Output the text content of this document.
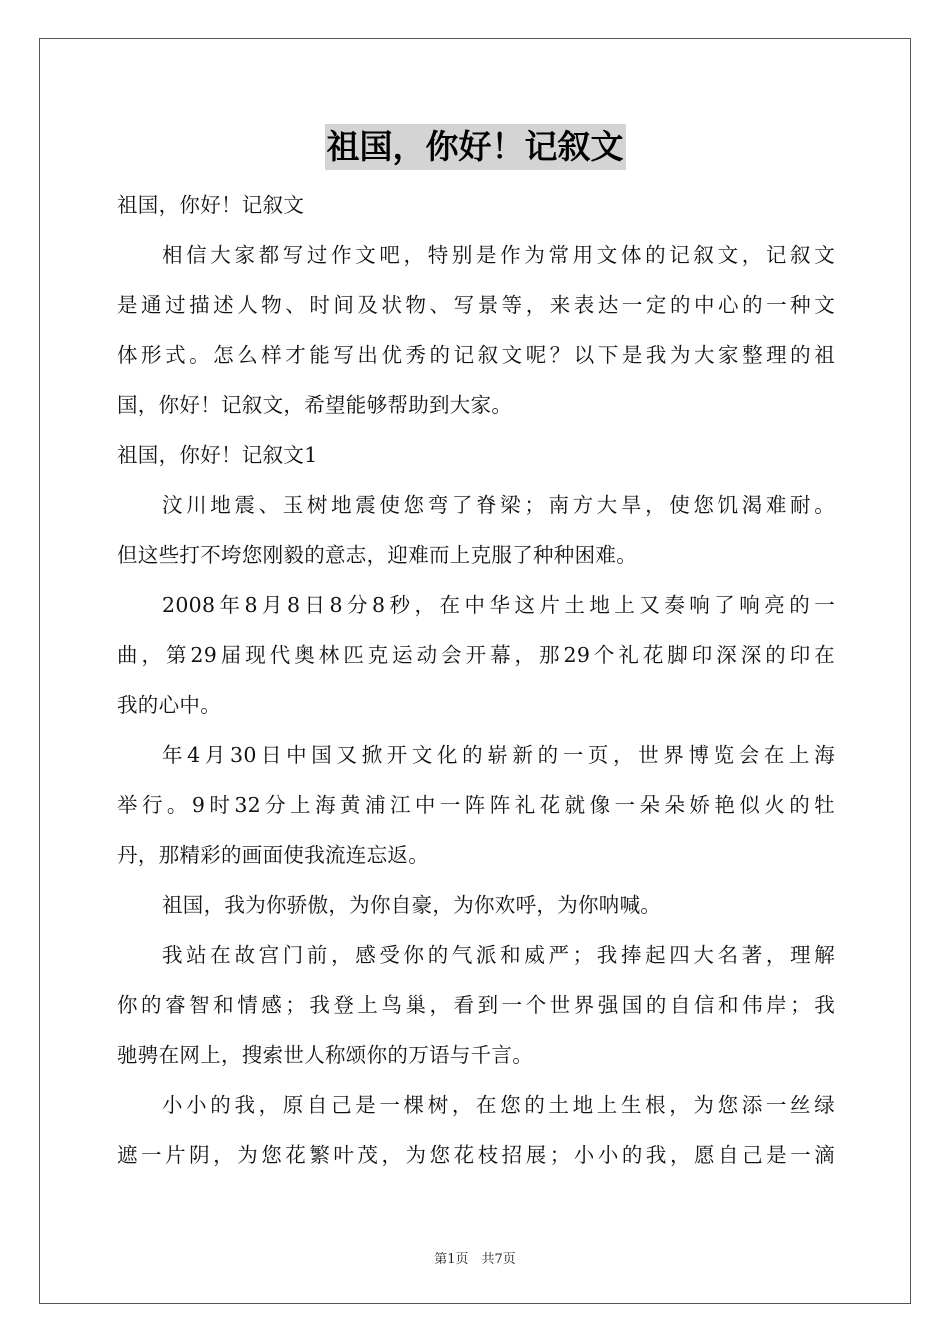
祖国，你好！记叙文
祖国，你好！记叙文
相信大家都写过作文吧，特别是作为常用文体的记叙文，记叙文
是通过描述人物、时间及状物、写景等，来表达一定的中心的一种文
体形式。怎么样才能写出优秀的记叙文呢？以下是我为大家整理的祖
国，你好！记叙文，希望能够帮助到大家。
祖国，你好！记叙文1
汶川地震、玉树地震使您弯了脊梁；南方大旱，使您饥渴难耐。
但这些打不垮您刚毅的意志，迎难而上克服了种种困难。
2008年8月8日8分8秒，在中华这片土地上又奏响了响亮的一
曲，第29届现代奥林匹克运动会开幕，那29个礼花脚印深深的印在
我的心中。
年4月30日中国又掀开文化的崭新的一页，世界博览会在上海
举行。9时32分上海黄浦江中一阵阵礼花就像一朵朵娇艳似火的牡
丹，那精彩的画面使我流连忘返。
祖国，我为你骄傲，为你自豪，为你欢呼，为你呐喊。
我站在故宫门前，感受你的气派和威严；我捧起四大名著，理解
你的睿智和情感；我登上鸟巢，看到一个世界强国的自信和伟岸；我
驰骋在网上，搜索世人称颂你的万语与千言。
小小的我，原自己是一棵树，在您的土地上生根，为您添一丝绿
遮一片阴，为您花繁叶茂，为您花枝招展；小小的我，愿自己是一滴
第1页　共7页
